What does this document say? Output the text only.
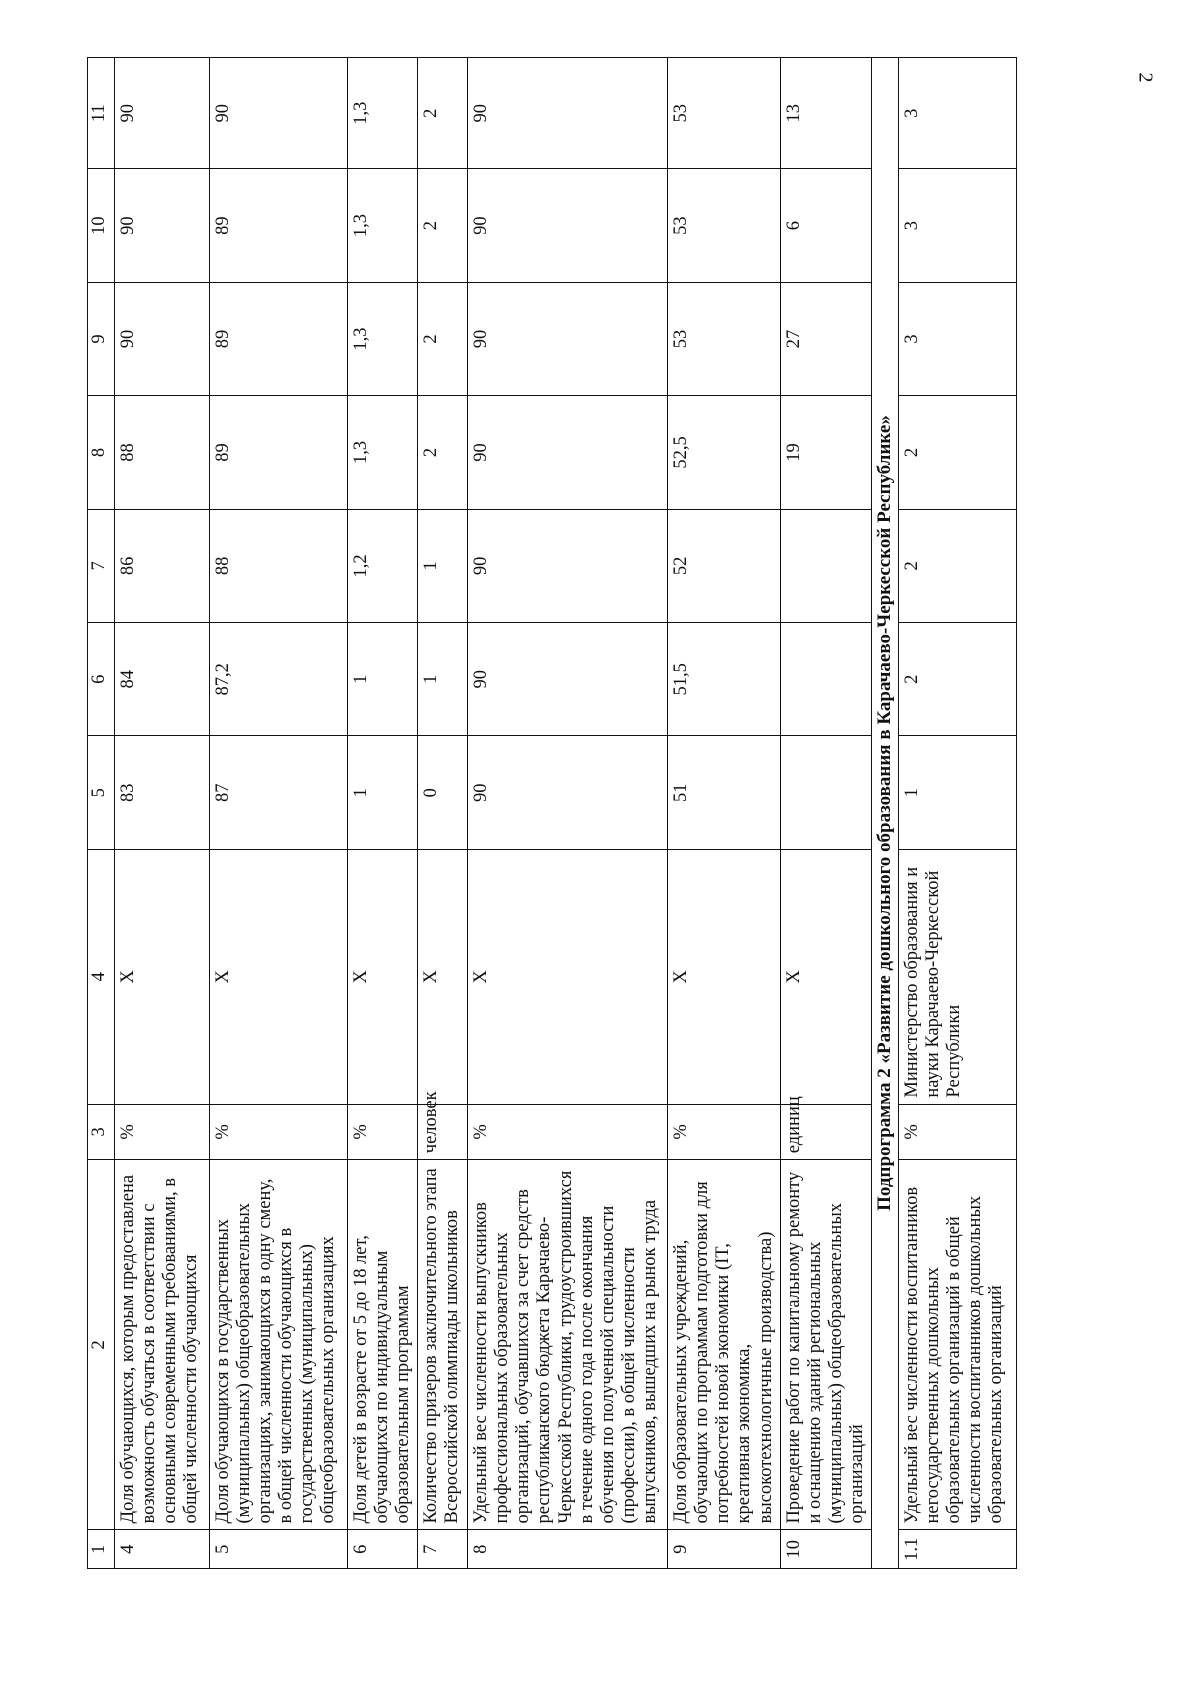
2
1	2	3	4	5	6	7	8	9	10	11
4	Доля обучающихся, которым предоставлена возможность обучаться в соответствии с основными современными требованиями, в общей численности обучающихся	%	Х	83	84	86	88	90	90	90
5	Доля обучающихся в государственных (муниципальных) общеобразовательных организациях, занимающихся в одну смену, в общей численности обучающихся в государственных (муниципальных) общеобразовательных организациях	%	Х	87	87,2	88	89	89	89	90
6	Доля детей в возрасте от 5 до 18 лет, обучающихся по индивидуальным образовательным программам	%	Х	1	1	1,2	1,3	1,3	1,3	1,3
7	Количество призеров заключительного этапа Всероссийской олимпиады школьников	человек	Х	0	1	1	2	2	2	2
8	Удельный вес численности выпускников профессиональных образовательных организаций, обучавшихся за счет средств республиканского бюджета Карачаево-Черкесской Республики, трудоустроившихся в течение одного года после окончания обучения по полученной специальности (профессии), в общей численности выпускников, вышедших на рынок труда	%	Х	90	90	90	90	90	90	90
9	Доля образовательных учреждений, обучающих по программам подготовки для потребностей новой экономики (IT, креативная экономика, высокотехнологичные производства)	%	Х	51	51,5	52	52,5	53	53	53
10	Проведение работ по капитальному ремонту и оснащению зданий региональных (муниципальных) общеобразовательных организаций	единиц	Х				19	27	6	13
Подпрограмма 2 «Развитие дошкольного образования в Карачаево-Черкесской Республике»										
1.1	Удельный вес численности воспитанников негосударственных дошкольных образовательных организаций в общей численности воспитанников дошкольных образовательных организаций	%	Министерство образования и науки Карачаево-Черкесской Республики	1	2	2	2	3	3	3
